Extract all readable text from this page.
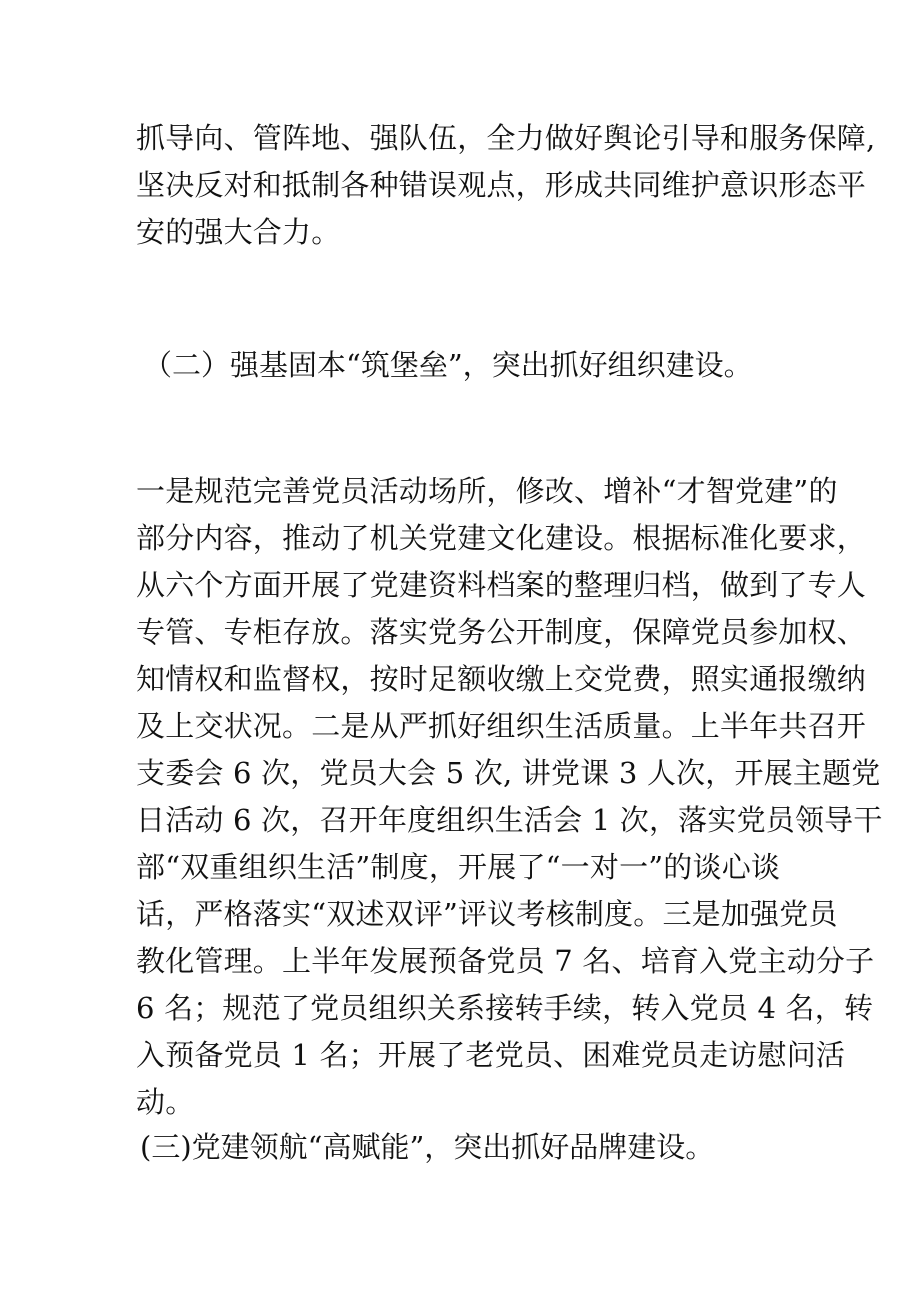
抓导向、管阵地、强队伍，全力做好舆论引导和服务保障,
坚决反对和抵制各种错误观点，形成共同维护意识形态平
安的强大合力。
（二）强基固本“筑堡垒”，突出抓好组织建设。
一是规范完善党员活动场所，修改、增补“才智党建”的
部分内容，推动了机关党建文化建设。根据标准化要求，
从六个方面开展了党建资料档案的整理归档，做到了专人
专管、专柜存放。落实党务公开制度，保障党员参加权、
知情权和监督权，按时足额收缴上交党费，照实通报缴纳
及上交状况。二是从严抓好组织生活质量。上半年共召开
支委会 6 次，党员大会 5 次, 讲党课 3 人次，开展主题党
日活动 6 次，召开年度组织生活会 1 次，落实党员领导干
部“双重组织生活”制度，开展了“一对一”的谈心谈
话，严格落实“双述双评”评议考核制度。三是加强党员
教化管理。上半年发展预备党员 7 名、培育入党主动分子
6 名；规范了党员组织关系接转手续，转入党员 4 名，转
入预备党员 1 名；开展了老党员、困难党员走访慰问活
动。
(三)党建领航“高赋能”，突出抓好品牌建设。
